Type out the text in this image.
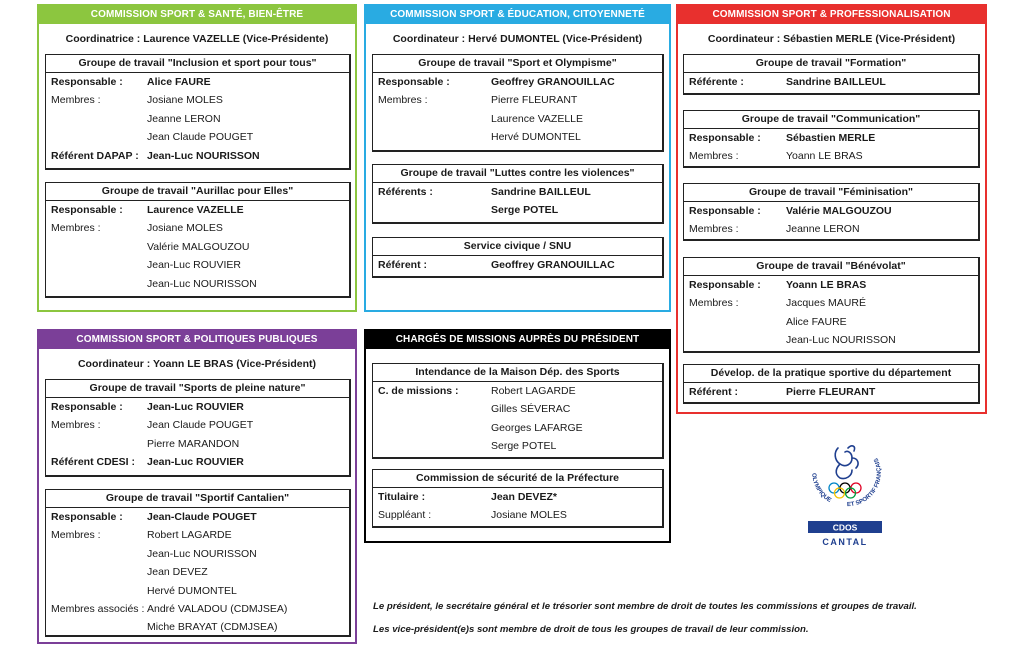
COMMISSION SPORT & SANTÉ, BIEN-ÊTRE
Coordinatrice : Laurence VAZELLE (Vice-Présidente)
Groupe de travail "Inclusion et sport pour tous"
Responsable : Alice FAURE
Membres :	Josiane MOLES
Jeanne LERON
Jean Claude POUGET
Référent DAPAP : Jean-Luc NOURISSON
Groupe de travail "Aurillac pour Elles"
Responsable : Laurence VAZELLE
Membres :	Josiane MOLES
Valérie MALGOUZOU
Jean-Luc ROUVIER
Jean-Luc NOURISSON
COMMISSION SPORT & ÉDUCATION, CITOYENNETÉ
Coordinateur : Hervé DUMONTEL (Vice-Président)
Groupe de travail "Sport et Olympisme"
Responsable :	Geoffrey GRANOUILLAC
Membres :	Pierre FLEURANT
Laurence VAZELLE
Hervé DUMONTEL
Groupe de travail "Luttes contre les violences"
Référents :	Sandrine BAILLEUL
Serge POTEL
Service civique / SNU
Référent :	Geoffrey GRANOUILLAC
COMMISSION SPORT & PROFESSIONALISATION
Coordinateur : Sébastien MERLE (Vice-Président)
Groupe de travail "Formation"
Référente :	Sandrine BAILLEUL
Groupe de travail "Communication"
Responsable : Sébastien MERLE
Membres :	Yoann LE BRAS
Groupe de travail "Féminisation"
Responsable : Valérie MALGOUZOU
Membres :	Jeanne LERON
Groupe de travail "Bénévolat"
Responsable : Yoann LE BRAS
Membres :	Jacques MAURÉ
Alice FAURE
Jean-Luc NOURISSON
Dévelop. de la pratique sportive du département
Référent :	Pierre FLEURANT
COMMISSION SPORT & POLITIQUES PUBLIQUES
Coordinateur : Yoann LE BRAS (Vice-Président)
Groupe de travail "Sports de pleine nature"
Responsable : Jean-Luc ROUVIER
Membres :	Jean Claude POUGET
Pierre MARANDON
Référent CDESI : Jean-Luc ROUVIER
Groupe de travail "Sportif Cantalien"
Responsable : Jean-Claude POUGET
Membres :	Robert LAGARDE
Jean-Luc NOURISSON
Jean DEVEZ
Hervé DUMONTEL
Membres associés : André VALADOU (CDMJSEA)
Miche BRAYAT (CDMJSEA)
CHARGÉS DE MISSIONS AUPRÈS DU PRÉSIDENT
Intendance de la Maison Dép. des Sports
C. de missions :	Robert LAGARDE
Gilles SÉVERAC
Georges LAFARGE
Serge POTEL
Commission de sécurité de la Préfecture
Titulaire :	Jean DEVEZ*
Suppléant :	Josiane MOLES
OLYMPIQUE
ET SPORTIF FRANÇAIS
CDOS
CANTAL
Le président, le secrétaire général et le trésorier sont membre de droit de toutes les commissions et groupes de travail.
Les vice-président(e)s sont membre de droit de tous les groupes de travail de leur commission.
